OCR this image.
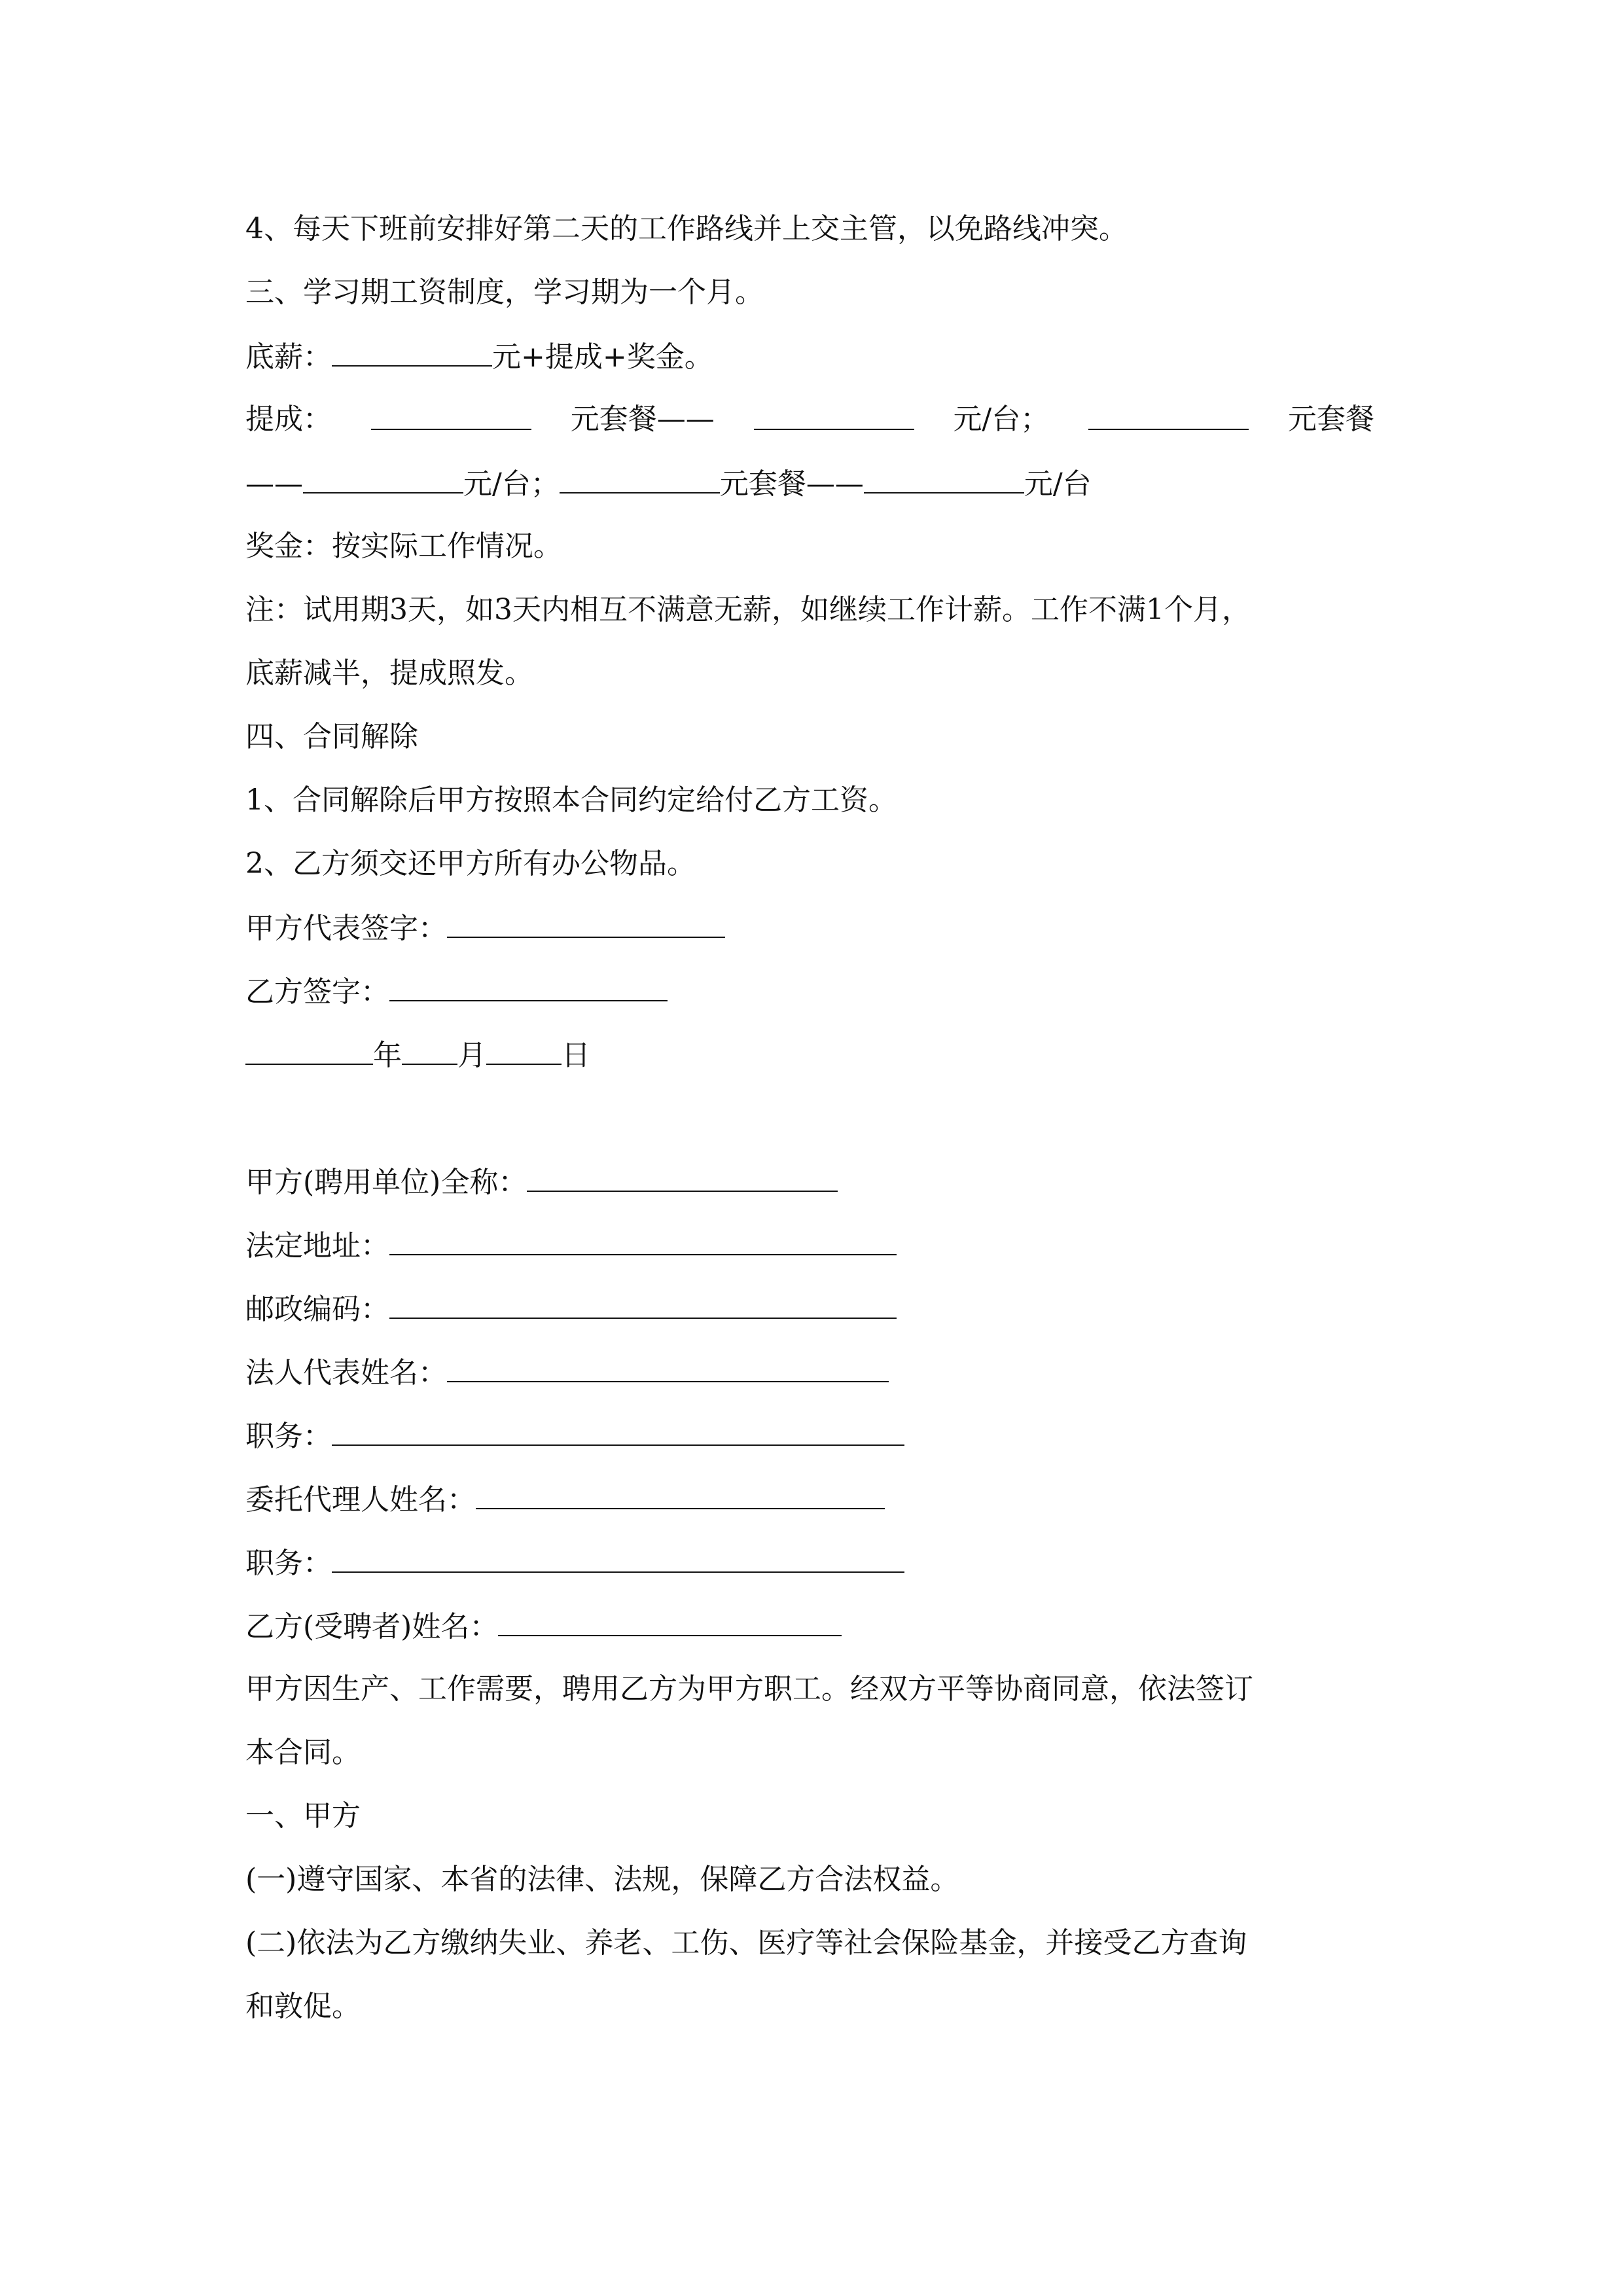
4、每天下班前安排好第二天的工作路线并上交主管，以免路线冲突。
三、学习期工资制度，学习期为一个月。
底薪：	元+提成+奖金。
提成：	元套餐——	元/台；	元套餐
——	元/台；	元套餐——	元/台
奖金：按实际工作情况。
注：试用期3天，如3天内相互不满意无薪，如继续工作计薪。工作不满1个月，
底薪减半，提成照发。
四、合同解除
1、合同解除后甲方按照本合同约定给付乙方工资。
2、乙方须交还甲方所有办公物品。
甲方代表签字：
乙方签字：
年 月	日
甲方(聘用单位)全称：
法定地址：
邮政编码：
法人代表姓名：
职务：
委托代理人姓名：
职务：
乙方(受聘者)姓名：
甲方因生产、工作需要，聘用乙方为甲方职工。经双方平等协商同意，依法签订
本合同。
一、甲方
(一)遵守国家、本省的法律、法规，保障乙方合法权益。
(二)依法为乙方缴纳失业、养老、工伤、医疗等社会保险基金，并接受乙方查询
和敦促。
